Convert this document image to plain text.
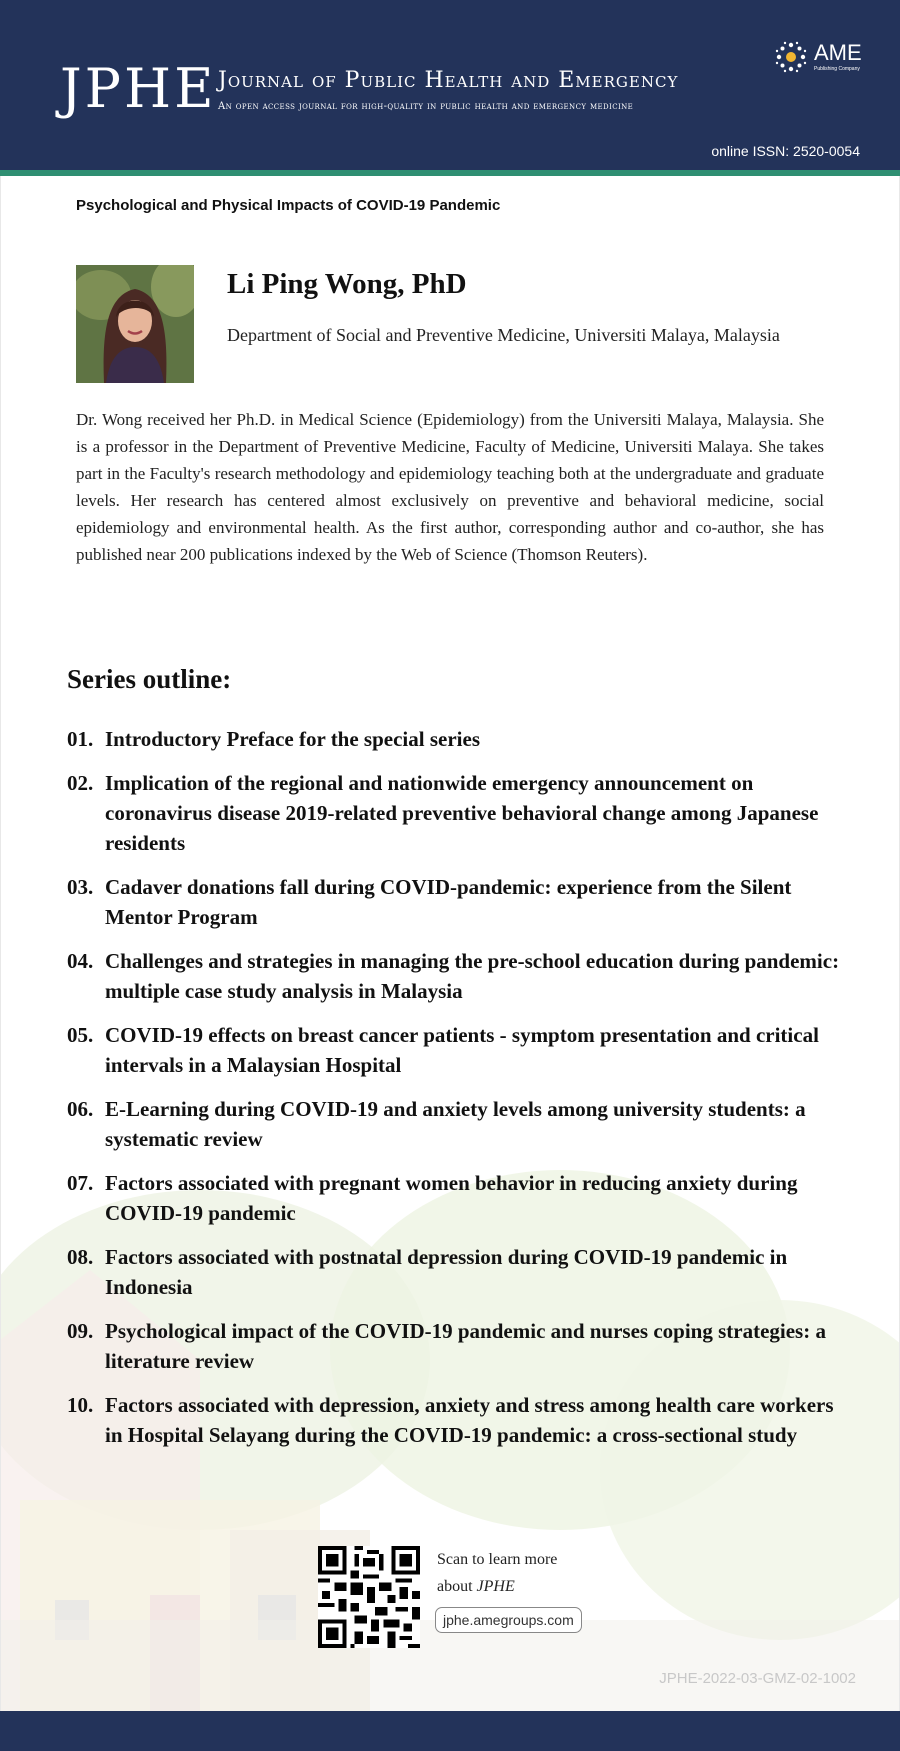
JPHE Journal of Public Health and Emergency
An open access journal for high-quality in public health and emergency medicine
AME
Publishing Company
online ISSN: 2520-0054
Psychological and Physical Impacts of COVID-19 Pandemic
Li Ping Wong, PhD
Department of Social and Preventive Medicine, Universiti Malaya, Malaysia
Dr. Wong received her Ph.D. in Medical Science (Epidemiology) from the Universiti Malaya, Malaysia. She is a professor in the Department of Preventive Medicine, Faculty of Medicine, Universiti Malaya. She takes part in the Faculty's research methodology and epidemiology teaching both at the undergraduate and graduate levels. Her research has centered almost exclusively on preventive and behavioral medicine, social epidemiology and environmental health. As the first author, corresponding author and co-author, she has published near 200 publications indexed by the Web of Science (Thomson Reuters).
Series outline:
01. Introductory Preface for the special series
02. Implication of the regional and nationwide emergency announcement on coronavirus disease 2019-related preventive behavioral change among Japanese residents
03. Cadaver donations fall during COVID-pandemic: experience from the Silent Mentor Program
04. Challenges and strategies in managing the pre-school education during pandemic: multiple case study analysis in Malaysia
05. COVID-19 effects on breast cancer patients - symptom presentation and critical intervals in a Malaysian Hospital
06. E-Learning during COVID-19 and anxiety levels among university students: a systematic review
07. Factors associated with pregnant women behavior in reducing anxiety during COVID-19 pandemic
08. Factors associated with postnatal depression during COVID-19 pandemic in Indonesia
09. Psychological impact of the COVID-19 pandemic and nurses coping strategies: a literature review
10. Factors associated with depression, anxiety and stress among health care workers in Hospital Selayang during the COVID-19 pandemic: a cross-sectional study
Scan to learn more
about JPHE
jphe.amegroups.com
JPHE-2022-03-GMZ-02-1002
